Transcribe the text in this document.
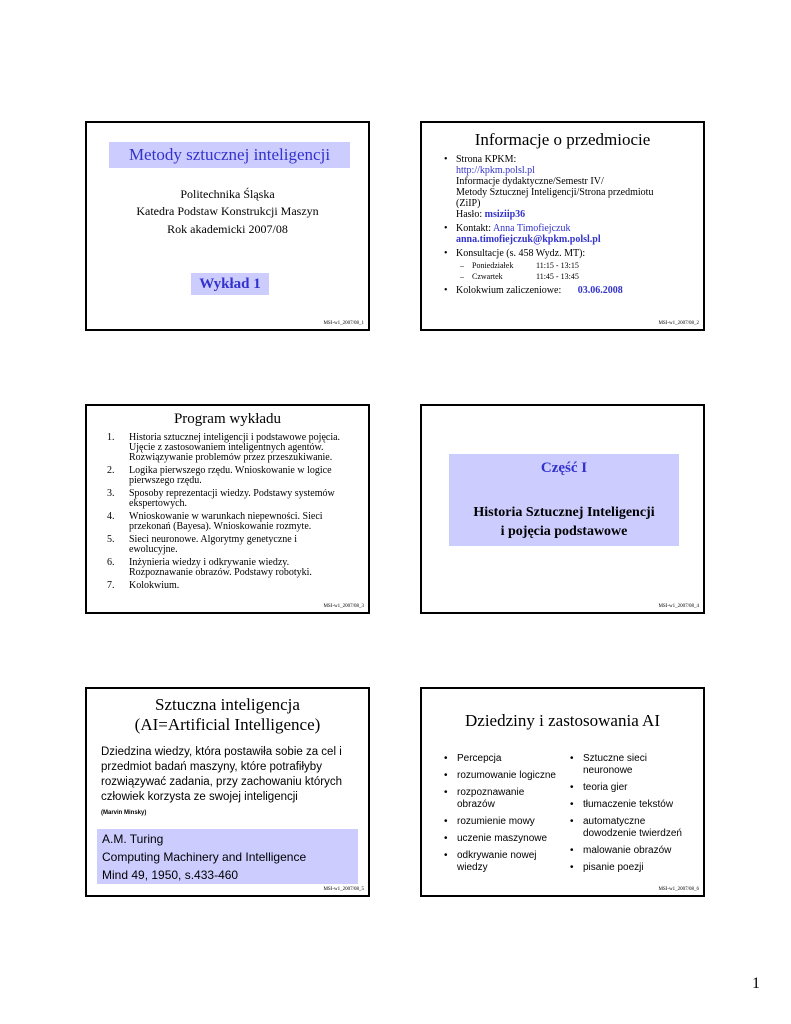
Metody sztucznej inteligencji
Politechnika Śląska
Katedra Podstaw Konstrukcji Maszyn
Rok akademicki 2007/08
Wykład 1
MSI-w1_2007/08_1
Informacje o przedmiocie
• Strona KPKM:
http://kpkm.polsl.pl
Informacje dydaktyczne/Semestr IV/
Metody Sztucznej Inteligencji/Strona przedmiotu
(ZiIP)
Hasło: msiziip36
• Kontakt: Anna Timofiejczuk
anna.timofiejczuk@kpkm.polsl.pl
• Konsultacje (s. 458 Wydz. MT):
– Poniedziałek	11:15 - 13:15
– Czwartek	11:45 - 13:45
• Kolokwium zaliczeniowe: 03.06.2008
MSI-w1_2007/08_2
Program wykładu
1. Historia sztucznej inteligencji i podstawowe pojęcia. Ujęcie z zastosowaniem inteligentnych agentów. Rozwiązywanie problemów przez przeszukiwanie.
2. Logika pierwszego rzędu. Wnioskowanie w logice pierwszego rzędu.
3. Sposoby reprezentacji wiedzy. Podstawy systemów ekspertowych.
4. Wnioskowanie w warunkach niepewności. Sieci przekonań (Bayesa). Wnioskowanie rozmyte.
5. Sieci neuronowe. Algorytmy genetyczne i ewolucyjne.
6. Inżynieria wiedzy i odkrywanie wiedzy. Rozpoznawanie obrazów. Podstawy robotyki.
7. Kolokwium.
MSI-w1_2007/08_3
Część I
Historia Sztucznej Inteligencji
i pojęcia podstawowe
MSI-w1_2007/08_4
Sztuczna inteligencja
(AI=Artificial Intelligence)
Dziedzina wiedzy, która postawiła sobie za cel i przedmiot badań maszyny, które potrafiłyby rozwiązywać zadania, przy zachowaniu których człowiek korzysta ze swojej inteligencji
(Marvin Minsky)
A.M. Turing
Computing Machinery and Intelligence
Mind 49, 1950, s.433-460
MSI-w1_2007/08_5
Dziedziny i zastosowania AI
• Percepcja
• rozumowanie logiczne
• rozpoznawanie obrazów
• rozumienie mowy
• uczenie maszynowe
• odkrywanie nowej wiedzy
• Sztuczne sieci neuronowe
• teoria gier
• tłumaczenie tekstów
• automatyczne dowodzenie twierdzeń
• malowanie obrazów
• pisanie poezji
MSI-w1_2007/08_6
1
